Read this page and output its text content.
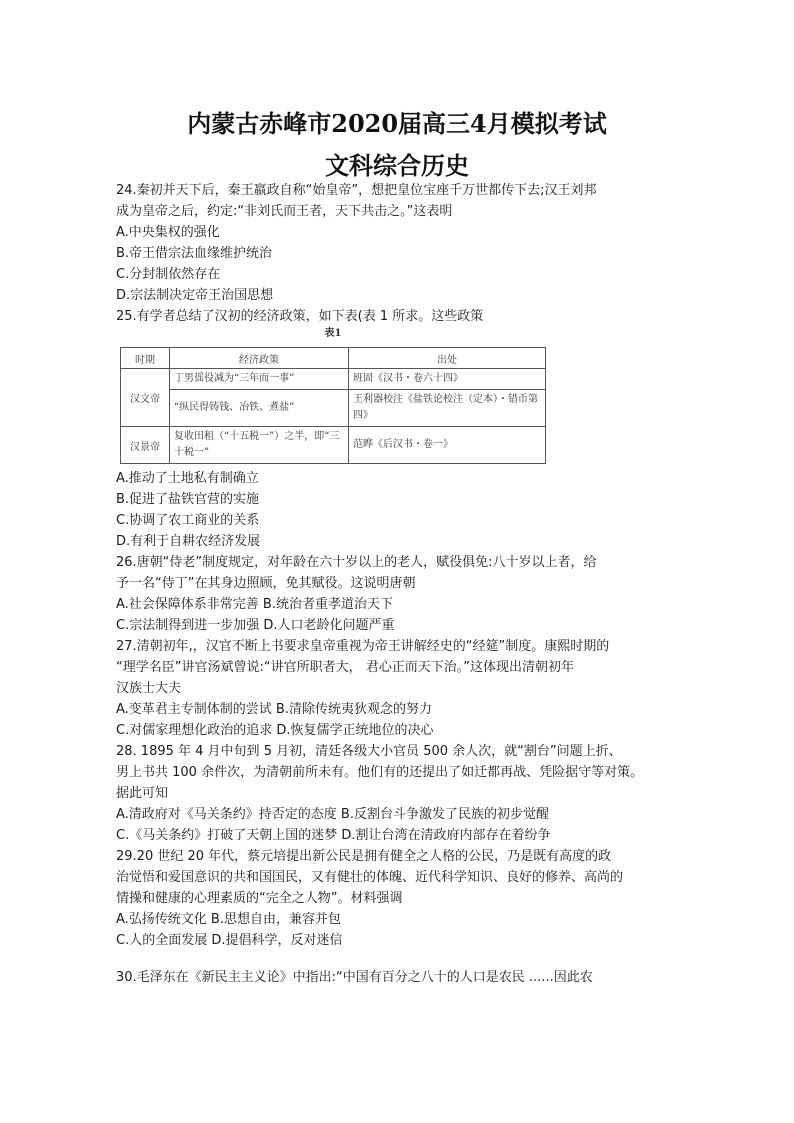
内蒙古赤峰市2020届高三4月模拟考试
文科综合历史
24.秦初并天下后，秦王嬴政自称“始皇帝”，想把皇位宝座千万世都传下去;汉王刘邦
成为皇帝之后，约定:“非刘氏而王者，天下共击之。”这表明
A.中央集权的强化
B.帝王借宗法血缘维护统治
C.分封制依然存在
D.宗法制决定帝王治国思想
25.有学者总结了汉初的经济政策，如下表(表 1 所求。这些政策
表1
时期	经济政策	出处
汉文帝	丁男徭役减为“三年而一事”	班固《汉书・卷六十四》
	“纵民得铸钱、冶铁、煮盐”	王利器校注《盐铁论校注（定本）・错币第四》
汉景帝	复收田租（“十五税一”）之半，即“三十税一”	范晔《后汉书・卷一》
A.推动了土地私有制确立
B.促进了盐铁官营的实施
C.协调了农工商业的关系
D.有利于自耕农经济发展
26.唐朝“侍老”制度规定，对年龄在六十岁以上的老人，赋役俱免:八十岁以上者，给
予一名“侍丁”在其身边照顾，免其赋役。这说明唐朝
A.社会保障体系非常完善 B.统治者重孝道治天下
C.宗法制得到进一步加强 D.人口老龄化问题严重
27.清朝初年,，汉官不断上书要求皇帝重视为帝王讲解经史的“经筵”制度。康熙时期的
“理学名臣”讲官汤斌曾说:“讲官所职者大， 君心正而天下治。”这体现出清朝初年
汉族士大夫
A.变革君主专制体制的尝试 B.清除传统夷狄观念的努力
C.对儒家理想化政治的追求 D.恢复儒学正统地位的决心
28. 1895 年 4 月中旬到 5 月初，清廷各级大小官员 500 余人次，就“割台”问题上折、
男上书共 100 余件次，为清朝前所未有。他们有的还提出了如迁都再战、凭险据守等对策。
据此可知
A.清政府对《马关条约》持否定的态度 B.反割台斗争激发了民族的初步觉醒
C.《马关条约》打破了天朝上国的迷梦 D.割让台湾在清政府内部存在着纷争
29.20 世纪 20 年代，蔡元培提出新公民是拥有健全之人格的公民，乃是既有高度的政
治觉悟和爱国意识的共和国国民，又有健壮的体魄、近代科学知识、良好的修养、高尚的
情操和健康的心理素质的“完全之人物”。材料强调
A.弘扬传统文化 B.思想自由，兼容并包
C.人的全面发展 D.提倡科学，反对迷信
30.毛泽东在《新民主主义论》中指出:“中国有百分之八十的人口是农民 ......因此农
